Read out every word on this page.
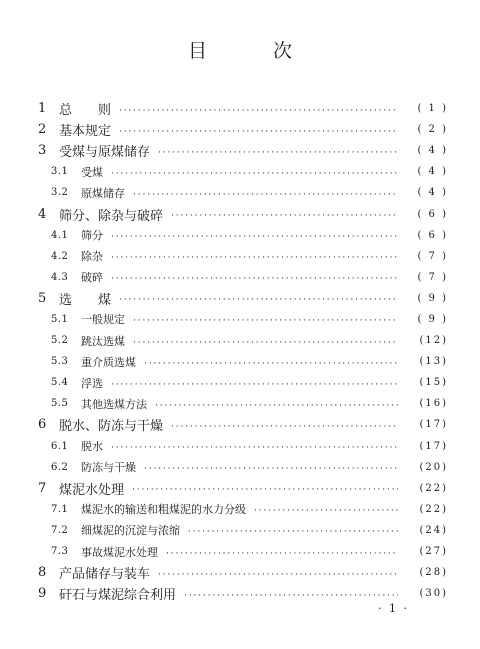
目 次
1 总　　则 · · ·	( 1 )
2 基本规定 · · ·	( 2 )
3 受煤与原煤储存 · · ·	( 4 )
3.1	受煤 · · ·	( 4 )
3.2	原煤储存 · · ·	( 4 )
4 筛分、除杂与破碎 · · ·	( 6 )
4.1	筛分 · · ·	( 6 )
4.2	除杂 · · ·	( 7 )
4.3	破碎 · · ·	( 7 )
5 选　　煤 · · ·	( 9 )
5.1	一般规定 · · ·	( 9 )
5.2	跳汰选煤 · · ·	(12)
5.3	重介质选煤 · · ·	(13)
5.4	浮选 · · ·	(15)
5.5	其他选煤方法 · · ·	(16)
6 脱水、防冻与干燥 · · ·	(17)
6.1	脱水 · · ·	(17)
6.2	防冻与干燥 · · ·	(20)
7 煤泥水处理 · · ·	(22)
7.1	煤泥水的输送和粗煤泥的水力分级 · · ·	(22)
7.2	细煤泥的沉淀与浓缩 · · ·	(24)
7.3	事故煤泥水处理 · · ·	(27)
8 产品储存与装车 · · ·	(28)
9 矸石与煤泥综合利用 · · ·	(30)
· 1 ·
